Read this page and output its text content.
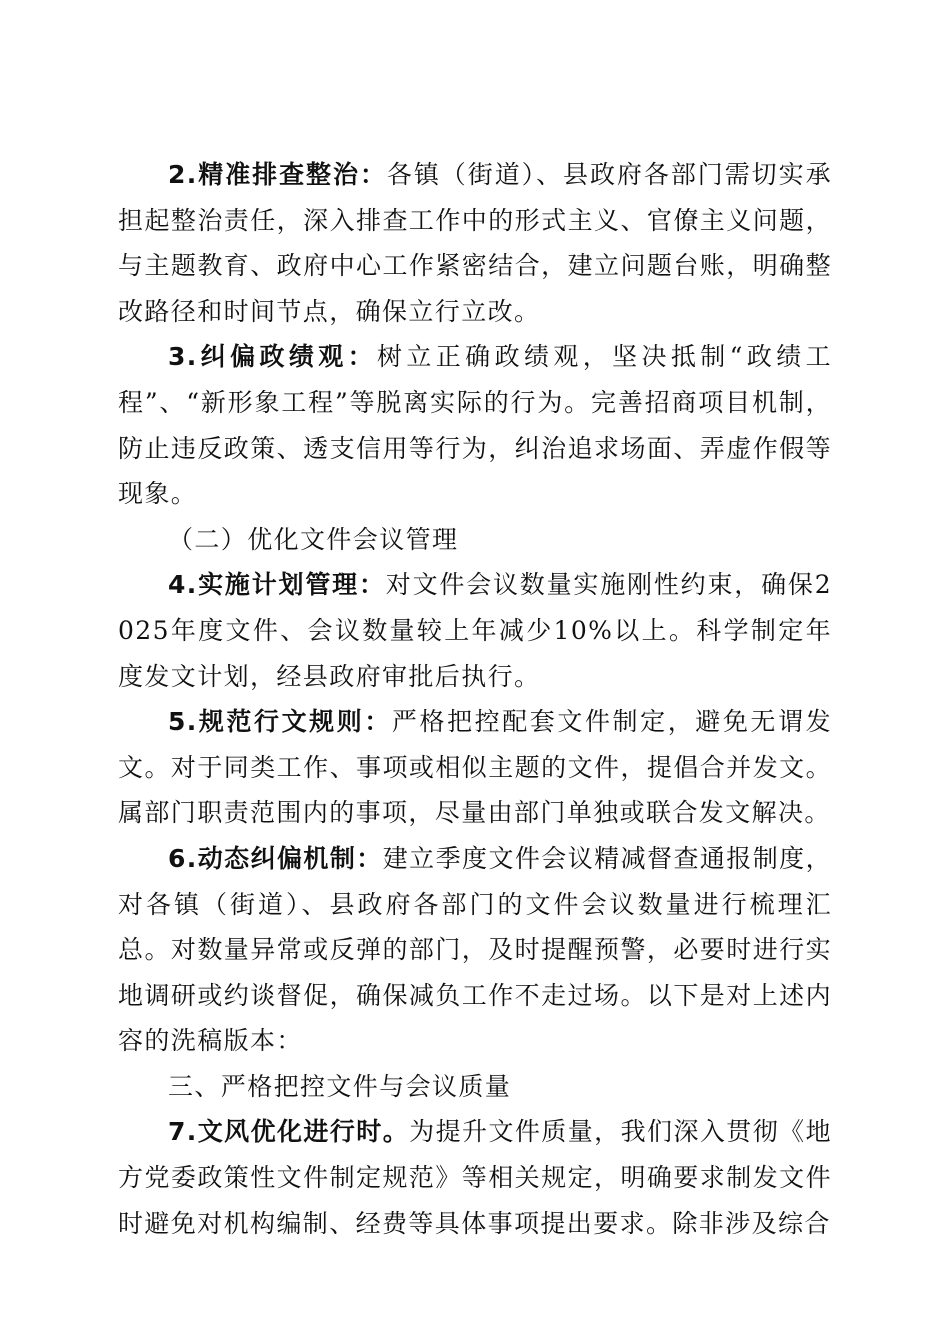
2.精准排查整治：各镇（街道）、县政府各部门需切实承担起整治责任，深入排查工作中的形式主义、官僚主义问题，与主题教育、政府中心工作紧密结合，建立问题台账，明确整改路径和时间节点，确保立行立改。

3.纠偏政绩观：树立正确政绩观，坚决抵制“政绩工程”、“新形象工程”等脱离实际的行为。完善招商项目机制，防止违反政策、透支信用等行为，纠治追求场面、弄虚作假等现象。

（二）优化文件会议管理

4.实施计划管理：对文件会议数量实施刚性约束，确保2025年度文件、会议数量较上年减少10%以上。科学制定年度发文计划，经县政府审批后执行。

5.规范行文规则：严格把控配套文件制定，避免无谓发文。对于同类工作、事项或相似主题的文件，提倡合并发文。属部门职责范围内的事项，尽量由部门单独或联合发文解决。

6.动态纠偏机制：建立季度文件会议精减督查通报制度，对各镇（街道）、县政府各部门的文件会议数量进行梳理汇总。对数量异常或反弹的部门，及时提醒预警，必要时进行实地调研或约谈督促，确保减负工作不走过场。以下是对上述内容的洗稿版本：

三、严格把控文件与会议质量

7.文风优化进行时。为提升文件质量，我们深入贯彻《地方党委政策性文件制定规范》等相关规定，明确要求制发文件时避免对机构编制、经费等具体事项提出要求。除非涉及综合
